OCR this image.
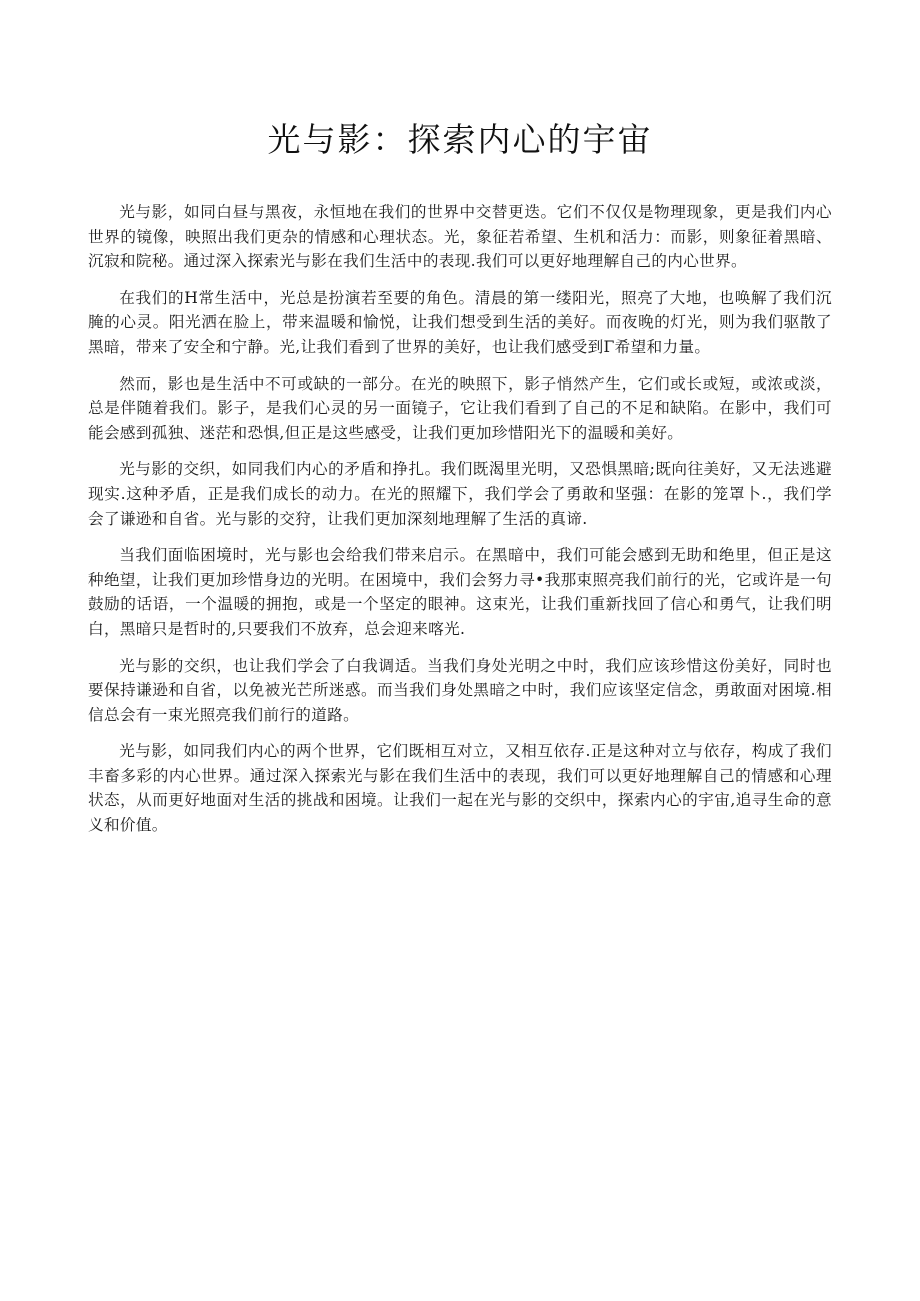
光与影：探索内心的宇宙

光与影，如同白昼与黑夜，永恒地在我们的世界中交替更迭。它们不仅仅是物理现象，更是我们内心世界的镜像，映照出我们更杂的情感和心理状态。光，象征若希望、生机和活力：而影，则象征着黑暗、沉寂和院秘。通过深入探索光与影在我们生活中的表现.我们可以更好地理解自己的内心世界。

在我们的H常生活中，光总是扮演若至要的角色。清晨的第一缕阳光，照亮了大地，也唤解了我们沉腌的心灵。阳光洒在脸上，带来温暖和愉悦，让我们想受到生活的美好。而夜晚的灯光，则为我们驱散了黑暗，带来了安全和宁静。光,让我们看到了世界的美好，也让我们感受到Γ希望和力量。

然而，影也是生活中不可或缺的一部分。在光的映照下，影子悄然产生，它们或长或短，或浓或淡，总是伴随着我们。影子，是我们心灵的另一面镜子，它让我们看到了自己的不足和缺陷。在影中，我们可能会感到孤独、迷茫和恐惧,但正是这些感受，让我们更加珍惜阳光下的温暖和美好。

光与影的交织，如同我们内心的矛盾和挣扎。我们既渴里光明，又恐惧黑暗;既向往美好，又无法逃避现实.这种矛盾，正是我们成长的动力。在光的照耀下，我们学会了勇敢和坚强：在影的笼罩卜.，我们学会了谦逊和自省。光与影的交狩，让我们更加深刻地理解了生活的真谛.

当我们面临困境时，光与影也会给我们带来启示。在黑暗中，我们可能会感到无助和绝里，但正是这种绝望，让我们更加珍惜身边的光明。在困境中，我们会努力寻•我那束照亮我们前行的光，它或许是一句鼓励的话语，一个温暖的拥抱，或是一个坚定的眼神。这束光，让我们重新找回了信心和勇气，让我们明白，黑暗只是哲时的,只要我们不放弃，总会迎来喀光.

光与影的交织，也让我们学会了白我调适。当我们身处光明之中时，我们应该珍惜这份美好，同时也要保持谦逊和自省，以免被光芒所迷惑。而当我们身处黑暗之中时，我们应该坚定信念，勇敢面对困境.相信总会有一束光照亮我们前行的道路。

光与影，如同我们内心的两个世界，它们既相互对立，又相互依存.正是这种对立与依存，构成了我们丰畜多彩的内心世界。通过深入探索光与影在我们生活中的表现，我们可以更好地理解自己的情感和心理状态，从而更好地面对生活的挑战和困境。让我们一起在光与影的交织中，探索内心的宇宙,追寻生命的意义和价值。
